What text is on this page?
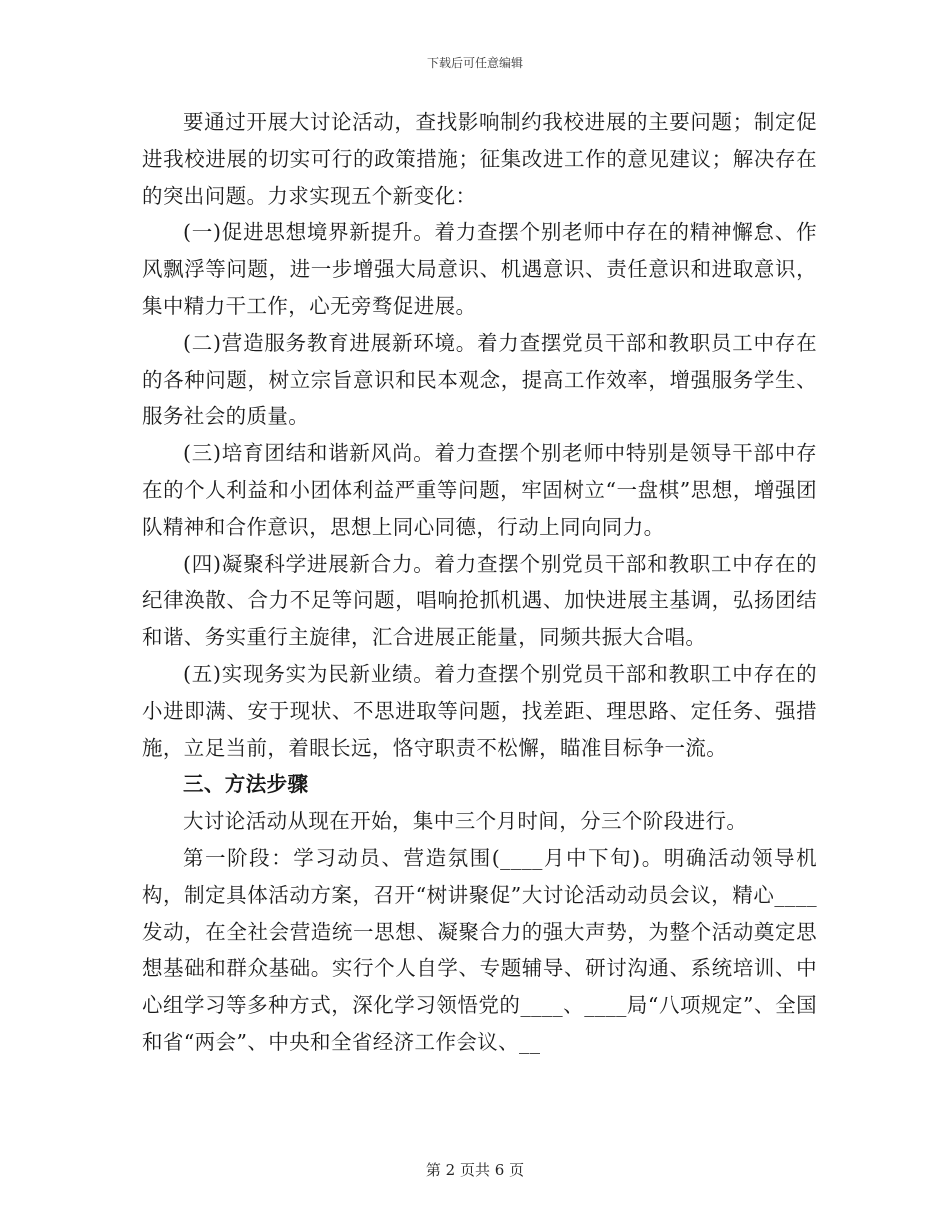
下载后可任意编辑

要通过开展大讨论活动，查找影响制约我校进展的主要问题；制定促进我校进展的切实可行的政策措施；征集改进工作的意见建议；解决存在的突出问题。力求实现五个新变化：

(一)促进思想境界新提升。着力查摆个别老师中存在的精神懈怠、作风飘浮等问题，进一步增强大局意识、机遇意识、责任意识和进取意识，集中精力干工作，心无旁骛促进展。

(二)营造服务教育进展新环境。着力查摆党员干部和教职员工中存在的各种问题，树立宗旨意识和民本观念，提高工作效率，增强服务学生、服务社会的质量。

(三)培育团结和谐新风尚。着力查摆个别老师中特别是领导干部中存在的个人利益和小团体利益严重等问题，牢固树立“一盘棋”思想，增强团队精神和合作意识，思想上同心同德，行动上同向同力。

(四)凝聚科学进展新合力。着力查摆个别党员干部和教职工中存在的纪律涣散、合力不足等问题，唱响抢抓机遇、加快进展主基调，弘扬团结和谐、务实重行主旋律，汇合进展正能量，同频共振大合唱。

(五)实现务实为民新业绩。着力查摆个别党员干部和教职工中存在的小进即满、安于现状、不思进取等问题，找差距、理思路、定任务、强措施，立足当前，着眼长远，恪守职责不松懈，瞄准目标争一流。

三、方法步骤

大讨论活动从现在开始，集中三个月时间，分三个阶段进行。

第一阶段：学习动员、营造氛围(____月中下旬)。明确活动领导机构，制定具体活动方案，召开“树讲聚促”大讨论活动动员会议，精心____发动，在全社会营造统一思想、凝聚合力的强大声势，为整个活动奠定思想基础和群众基础。实行个人自学、专题辅导、研讨沟通、系统培训、中心组学习等多种方式，深化学习领悟党的____、____局“八项规定”、全国和省“两会”、中央和全省经济工作会议、__

第 2 页共 6 页
